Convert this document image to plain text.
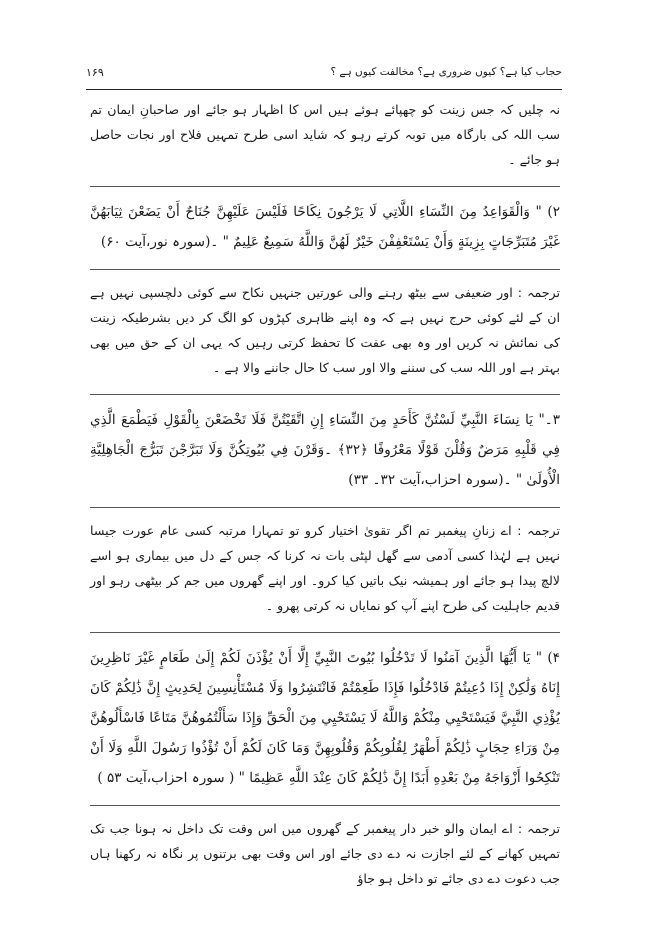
حجاب کیا ہے؟ کیوں ضروری ہے؟ مخالفت کیوں ہے ؟
۱۶۹

نہ چلیں کہ جس زینت کو چھپائے ہوئے ہیں اس کا اظہار ہو جائے اور صاحبانِ ایمان تم سب اللہ کی بارگاہ میں توبہ کرتے رہو کہ شاید اسی طرح تمہیں فلاح اور نجات حاصل ہو جائے ۔

۲) " وَالْقَوَاعِدُ مِنَ النِّسَاءِ اللَّاتِي لَا يَرْجُونَ نِكَاحًا فَلَيْسَ عَلَيْهِنَّ جُنَاحٌ أَنْ يَضَعْنَ ثِيَابَهُنَّ غَيْرَ مُتَبَرِّجَاتٍ بِزِينَةٍ وَأَنْ يَسْتَعْفِفْنَ خَيْرٌ لَهُنَّ وَاللَّهُ سَمِيعٌ عَلِيمٌ " ۔(سورہ نور،آیت ۶۰)

ترجمہ : اور ضعیفی سے بیٹھ رہنے والی عورتیں جنہیں نکاح سے کوئی دلچسپی نہیں ہے ان کے لئے کوئی حرج نہیں ہے کہ وہ اپنے ظاہری کپڑوں کو الگ کر دیں بشرطیکہ زینت کی نمائش نہ کریں اور وہ بھی عفت کا تحفظ کرتی رہیں کہ یہی ان کے حق میں بھی بہتر ہے اور اللہ سب کی سننے والا اور سب کا حال جاننے والا ہے ۔

۳۔" يَا نِسَاءَ النَّبِيِّ لَسْتُنَّ كَأَحَدٍ مِنَ النِّسَاءِ إِنِ اتَّقَيْتُنَّ فَلَا تَخْضَعْنَ بِالْقَوْلِ فَيَطْمَعَ الَّذِي فِي قَلْبِهِ مَرَضٌ وَقُلْنَ قَوْلًا مَعْرُوفًا ﴿۳۲﴾ ۔وَقَرْنَ فِي بُيُوتِكُنَّ وَلَا تَبَرَّجْنَ تَبَرُّجَ الْجَاهِلِيَّةِ الْأُولَىٰ " ۔(سورہ احزاب،آیت ۳۲۔ ۳۳)

ترجمہ : اے زنانِ پیغمبر تم اگر تقویٰ اختیار کرو تو تمہارا مرتبہ کسی عام عورت جیسا نہیں ہے لہٰذا کسی آدمی سے گھل لپٹی بات نہ کرنا کہ جس کے دل میں بیماری ہو اسے لالچ پیدا ہو جائے اور ہمیشہ نیک باتیں کیا کرو۔ اور اپنے گھروں میں جم کر بیٹھی رہو اور قدیم جاہلیت کی طرح اپنے آپ کو نمایاں نہ کرتی پھرو ۔

۴) " يَا أَيُّهَا الَّذِينَ آمَنُوا لَا تَدْخُلُوا بُيُوتَ النَّبِيِّ إِلَّا أَنْ يُؤْذَنَ لَكُمْ إِلَىٰ طَعَامٍ غَيْرَ نَاظِرِينَ إِنَاهُ وَلَٰكِنْ إِذَا دُعِيتُمْ فَادْخُلُوا فَإِذَا طَعِمْتُمْ فَانْتَشِرُوا وَلَا مُسْتَأْنِسِينَ لِحَدِيثٍ إِنَّ ذَٰلِكُمْ كَانَ يُؤْذِي النَّبِيَّ فَيَسْتَحْيِي مِنْكُمْ وَاللَّهُ لَا يَسْتَحْيِي مِنَ الْحَقِّ وَإِذَا سَأَلْتُمُوهُنَّ مَتَاعًا فَاسْأَلُوهُنَّ مِنْ وَرَاءِ حِجَابٍ ذَٰلِكُمْ أَطْهَرُ لِقُلُوبِكُمْ وَقُلُوبِهِنَّ وَمَا كَانَ لَكُمْ أَنْ تُؤْذُوا رَسُولَ اللَّهِ وَلَا أَنْ تَنْكِحُوا أَزْوَاجَهُ مِنْ بَعْدِهِ أَبَدًا إِنَّ ذَٰلِكُمْ كَانَ عِنْدَ اللَّهِ عَظِيمًا " ( سورہ احزاب،آیت ۵۳ )

ترجمہ : اے ایمان والو خبر دار پیغمبر کے گھروں میں اس وقت تک داخل نہ ہونا جب تک تمہیں کھانے کے لئے اجازت نہ دے دی جائے اور اس وقت بھی برتنوں پر نگاہ نہ رکھنا ہاں جب دعوت دے دی جائے تو داخل ہو جاؤ
